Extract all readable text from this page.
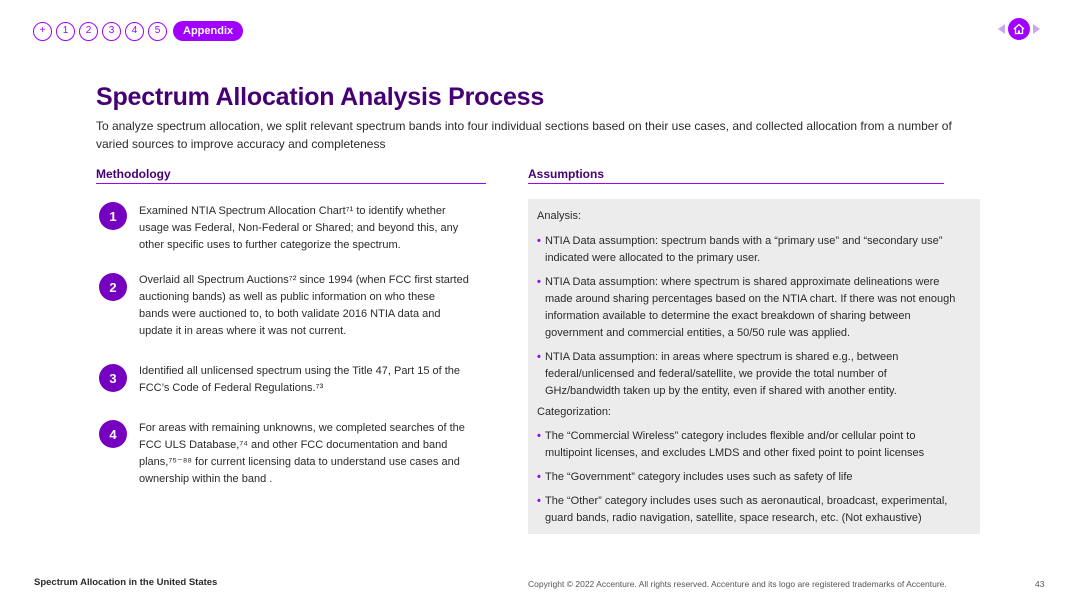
+	1	2	3	4	5	Appendix
Spectrum Allocation Analysis Process
To analyze spectrum allocation, we split relevant spectrum bands into four individual sections based on their use cases, and collected allocation from a number of varied sources to improve accuracy and completeness
Methodology	Assumptions
1	Examined NTIA Spectrum Allocation Chart⁷¹ to identify whether
usage was Federal, Non-Federal or Shared; and beyond this, any
other specific uses to further categorize the spectrum.
2	Overlaid all Spectrum Auctions⁷² since 1994 (when FCC first started
auctioning bands) as well as public information on who these
bands were auctioned to, to both validate 2016 NTIA data and
update it in areas where it was not current.
3	Identified all unlicensed spectrum using the Title 47, Part 15 of the
FCC’s Code of Federal Regulations.⁷³
4	For areas with remaining unknowns, we completed searches of the
FCC ULS Database,⁷⁴ and other FCC documentation and band
plans,⁷⁵⁻⁸⁸ for current licensing data to understand use cases and
ownership within the band .
Analysis:
• NTIA Data assumption: spectrum bands with a “primary use” and “secondary use”
indicated were allocated to the primary user.
• NTIA Data assumption: where spectrum is shared approximate delineations were
made around sharing percentages based on the NTIA chart. If there was not enough
information available to determine the exact breakdown of sharing between
government and commercial entities, a 50/50 rule was applied.
• NTIA Data assumption: in areas where spectrum is shared e.g., between
federal/unlicensed and federal/satellite, we provide the total number of
GHz/bandwidth taken up by the entity, even if shared with another entity.
Categorization:
• The “Commercial Wireless” category includes flexible and/or cellular point to
multipoint licenses, and excludes LMDS and other fixed point to point licenses
• The “Government” category includes uses such as safety of life
• The “Other” category includes uses such as aeronautical, broadcast, experimental,
guard bands, radio navigation, satellite, space research, etc. (Not exhaustive)
Spectrum Allocation in the United States	Copyright © 2022 Accenture. All rights reserved. Accenture and its logo are registered trademarks of Accenture.	43
